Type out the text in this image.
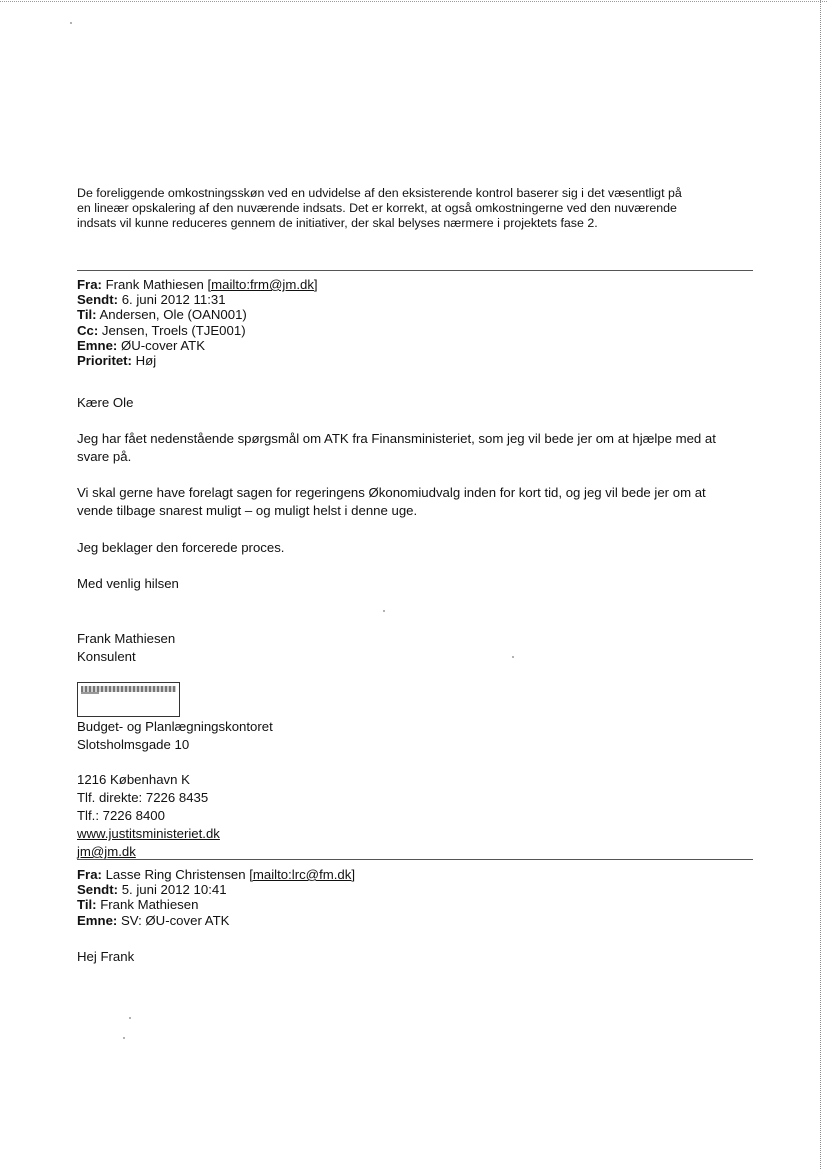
De foreliggende omkostningsskøn ved en udvidelse af den eksisterende kontrol baserer sig i det væsentligt på
en lineær opskalering af den nuværende indsats. Det er korrekt, at også omkostningerne ved den nuværende
indsats vil kunne reduceres gennem de initiativer, der skal belyses nærmere i projektets fase 2.
Fra: Frank Mathiesen [mailto:frm@jm.dk]
Sendt: 6. juni 2012 11:31
Til: Andersen, Ole (OAN001)
Cc: Jensen, Troels (TJE001)
Emne: ØU-cover ATK
Prioritet: Høj
Kære Ole
Jeg har fået nedenstående spørgsmål om ATK fra Finansministeriet, som jeg vil bede jer om at hjælpe med at
svare på.
Vi skal gerne have forelagt sagen for regeringens Økonomiudvalg inden for kort tid, og jeg vil bede jer om at
vende tilbage snarest muligt – og muligt helst i denne uge.
Jeg beklager den forcerede proces.
Med venlig hilsen
Frank Mathiesen
Konsulent
Budget- og Planlægningskontoret
Slotsholmsgade 10
1216 København K
Tlf. direkte: 7226 8435
Tlf.: 7226 8400
www.justitsministeriet.dk
jm@jm.dk
Fra: Lasse Ring Christensen [mailto:lrc@fm.dk]
Sendt: 5. juni 2012 10:41
Til: Frank Mathiesen
Emne: SV: ØU-cover ATK
Hej Frank
